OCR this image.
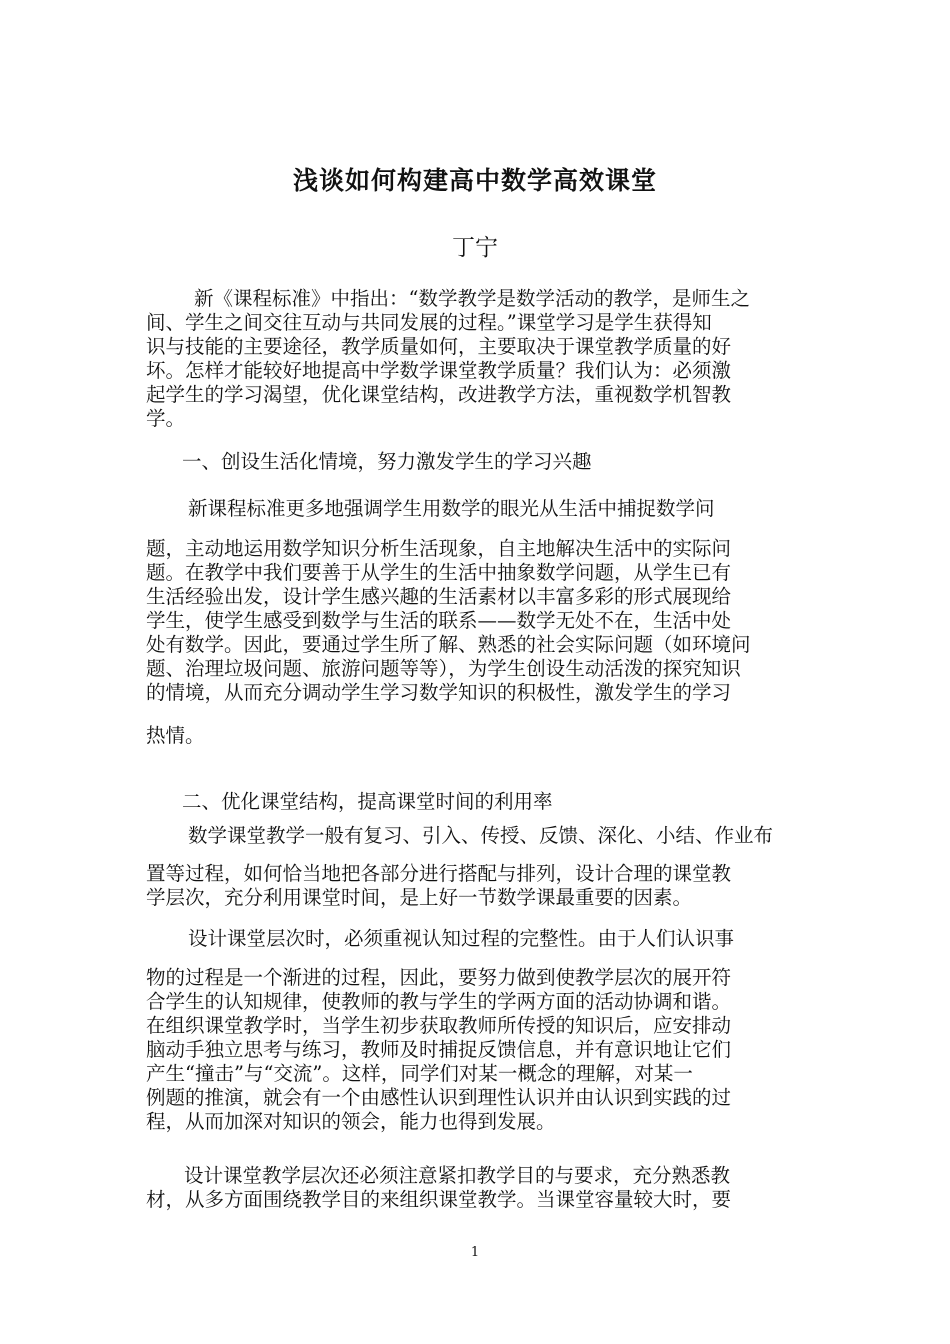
浅谈如何构建高中数学高效课堂
丁宁
新《课程标准》中指出：“数学教学是数学活动的教学，是师生之
间、学生之间交往互动与共同发展的过程。”课堂学习是学生获得知
识与技能的主要途径，教学质量如何，主要取决于课堂教学质量的好
坏。怎样才能较好地提高中学数学课堂教学质量？我们认为：必须激
起学生的学习渴望，优化课堂结构，改进教学方法，重视数学机智教
学。
一、创设生活化情境，努力激发学生的学习兴趣
新课程标准更多地强调学生用数学的眼光从生活中捕捉数学问
题，主动地运用数学知识分析生活现象，自主地解决生活中的实际问
题。在教学中我们要善于从学生的生活中抽象数学问题，从学生已有
生活经验出发，设计学生感兴趣的生活素材以丰富多彩的形式展现给
学生，使学生感受到数学与生活的联系——数学无处不在，生活中处
处有数学。因此，要通过学生所了解、熟悉的社会实际问题（如环境问
题、治理垃圾问题、旅游问题等等），为学生创设生动活泼的探究知识
的情境，从而充分调动学生学习数学知识的积极性，激发学生的学习
热情。
二、优化课堂结构，提高课堂时间的利用率
数学课堂教学一般有复习、引入、传授、反馈、深化、小结、作业布
置等过程，如何恰当地把各部分进行搭配与排列，设计合理的课堂教
学层次，充分利用课堂时间，是上好一节数学课最重要的因素。
设计课堂层次时，必须重视认知过程的完整性。由于人们认识事
物的过程是一个渐进的过程，因此，要努力做到使教学层次的展开符
合学生的认知规律，使教师的教与学生的学两方面的活动协调和谐。
在组织课堂教学时，当学生初步获取教师所传授的知识后，应安排动
脑动手独立思考与练习，教师及时捕捉反馈信息，并有意识地让它们
产生“撞击”与“交流”。这样，同学们对某一概念的理解，对某一
例题的推演，就会有一个由感性认识到理性认识并由认识到实践的过
程，从而加深对知识的领会，能力也得到发展。
设计课堂教学层次还必须注意紧扣教学目的与要求，充分熟悉教
材，从多方面围绕教学目的来组织课堂教学。当课堂容量较大时，要
1
